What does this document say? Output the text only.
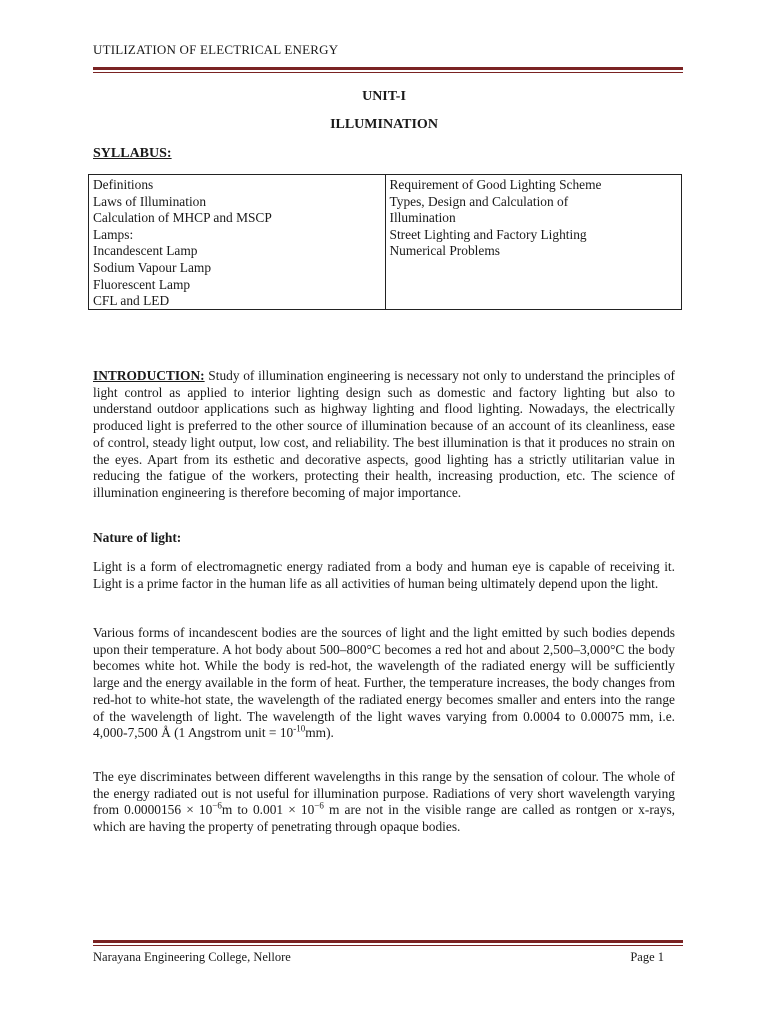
UTILIZATION OF ELECTRICAL ENERGY
UNIT-I
ILLUMINATION
SYLLABUS:
Definitions
Laws of Illumination
Calculation of MHCP and MSCP
Lamps:
Incandescent Lamp
Sodium Vapour Lamp
Fluorescent Lamp
CFL and LED
Requirement of Good Lighting Scheme
Types, Design and Calculation of
Illumination
Street Lighting and Factory Lighting
Numerical Problems
INTRODUCTION: Study of illumination engineering is necessary not only to understand the principles of light control as applied to interior lighting design such as domestic and factory lighting but also to understand outdoor applications such as highway lighting and flood lighting. Nowadays, the electrically produced light is preferred to the other source of illumination because of an account of its cleanliness, ease of control, steady light output, low cost, and reliability. The best illumination is that it produces no strain on the eyes. Apart from its esthetic and decorative aspects, good lighting has a strictly utilitarian value in reducing the fatigue of the workers, protecting their health, increasing production, etc. The science of illumination engineering is therefore becoming of major importance.
Nature of light:
Light is a form of electromagnetic energy radiated from a body and human eye is capable of receiving it. Light is a prime factor in the human life as all activities of human being ultimately depend upon the light.
Various forms of incandescent bodies are the sources of light and the light emitted by such bodies depends upon their temperature. A hot body about 500–800°C becomes a red hot and about 2,500–3,000°C the body becomes white hot. While the body is red-hot, the wavelength of the radiated energy will be sufficiently large and the energy available in the form of heat. Further, the temperature increases, the body changes from red-hot to white-hot state, the wavelength of the radiated energy becomes smaller and enters into the range of the wavelength of light. The wavelength of the light waves varying from 0.0004 to 0.00075 mm, i.e. 4,000-7,500 Å (1 Angstrom unit = $10^{-10}mm$).
The eye discriminates between different wavelengths in this range by the sensation of colour. The whole of the energy radiated out is not useful for illumination purpose. Radiations of very short wavelength varying from $0.0000156 \times 10^{-6}m$ to $0.001 \times 10^{-6}$ m are not in the visible range are called as rontgen or x-rays, which are having the property of penetrating through opaque bodies.
Narayana Engineering College, Nellore	Page 1
